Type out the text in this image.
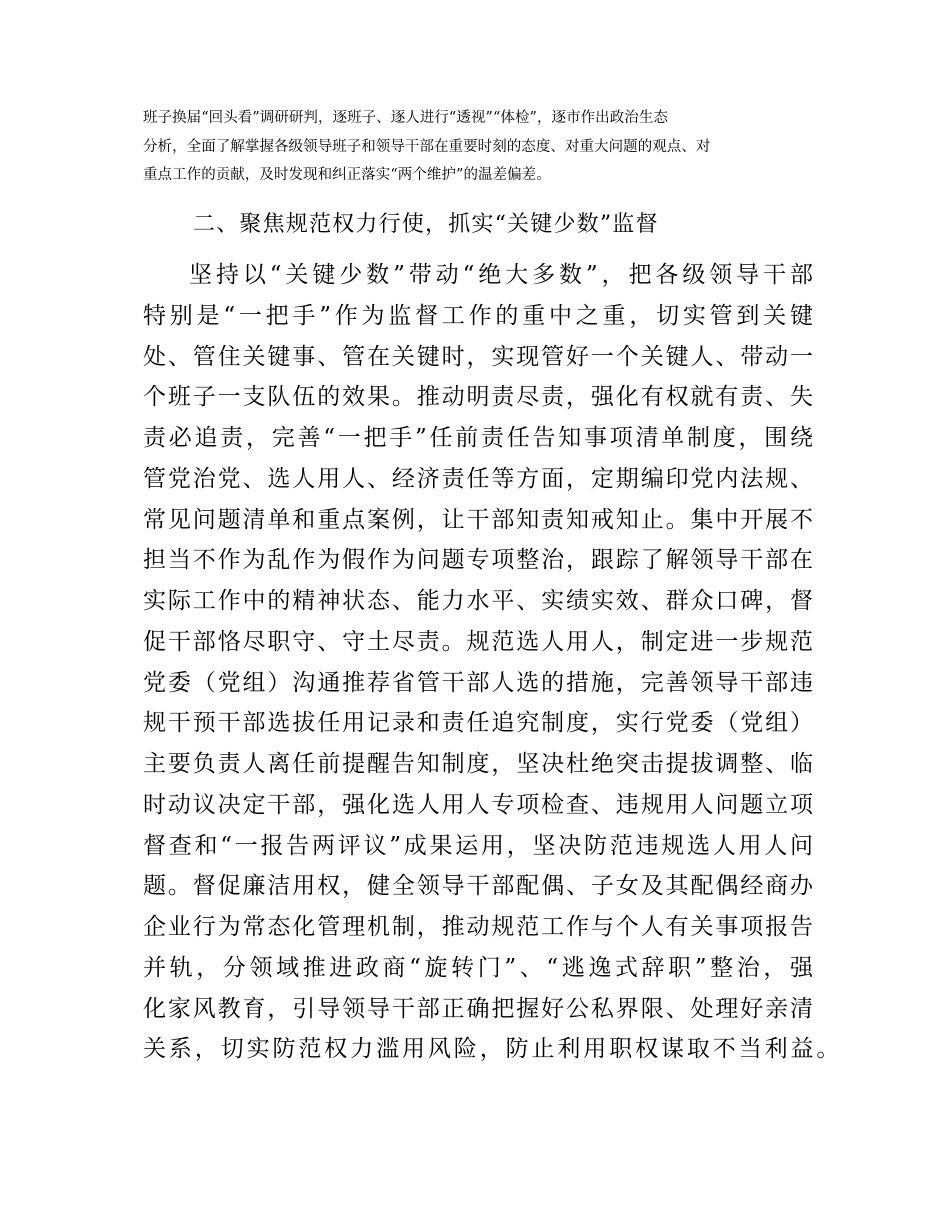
班子换届“回头看”调研研判，逐班子、逐人进行“透视”“体检”，逐市作出政治生态
分析，全面了解掌握各级领导班子和领导干部在重要时刻的态度、对重大问题的观点、对
重点工作的贡献，及时发现和纠正落实“两个维护”的温差偏差。
二、聚焦规范权力行使，抓实“关键少数”监督
坚持以“关键少数”带动“绝大多数”，把各级领导干部
特别是“一把手”作为监督工作的重中之重，切实管到关键
处、管住关键事、管在关键时，实现管好一个关键人、带动一
个班子一支队伍的效果。推动明责尽责，强化有权就有责、失
责必追责，完善“一把手”任前责任告知事项清单制度，围绕
管党治党、选人用人、经济责任等方面，定期编印党内法规、
常见问题清单和重点案例，让干部知责知戒知止。集中开展不
担当不作为乱作为假作为问题专项整治，跟踪了解领导干部在
实际工作中的精神状态、能力水平、实绩实效、群众口碑，督
促干部恪尽职守、守土尽责。规范选人用人，制定进一步规范
党委（党组）沟通推荐省管干部人选的措施，完善领导干部违
规干预干部选拔任用记录和责任追究制度，实行党委（党组）
主要负责人离任前提醒告知制度，坚决杜绝突击提拔调整、临
时动议决定干部，强化选人用人专项检查、违规用人问题立项
督查和“一报告两评议”成果运用，坚决防范违规选人用人问
题。督促廉洁用权，健全领导干部配偶、子女及其配偶经商办
企业行为常态化管理机制，推动规范工作与个人有关事项报告
并轨，分领域推进政商“旋转门”、“逃逸式辞职”整治，强
化家风教育，引导领导干部正确把握好公私界限、处理好亲清
关系，切实防范权力滥用风险，防止利用职权谋取不当利益。
